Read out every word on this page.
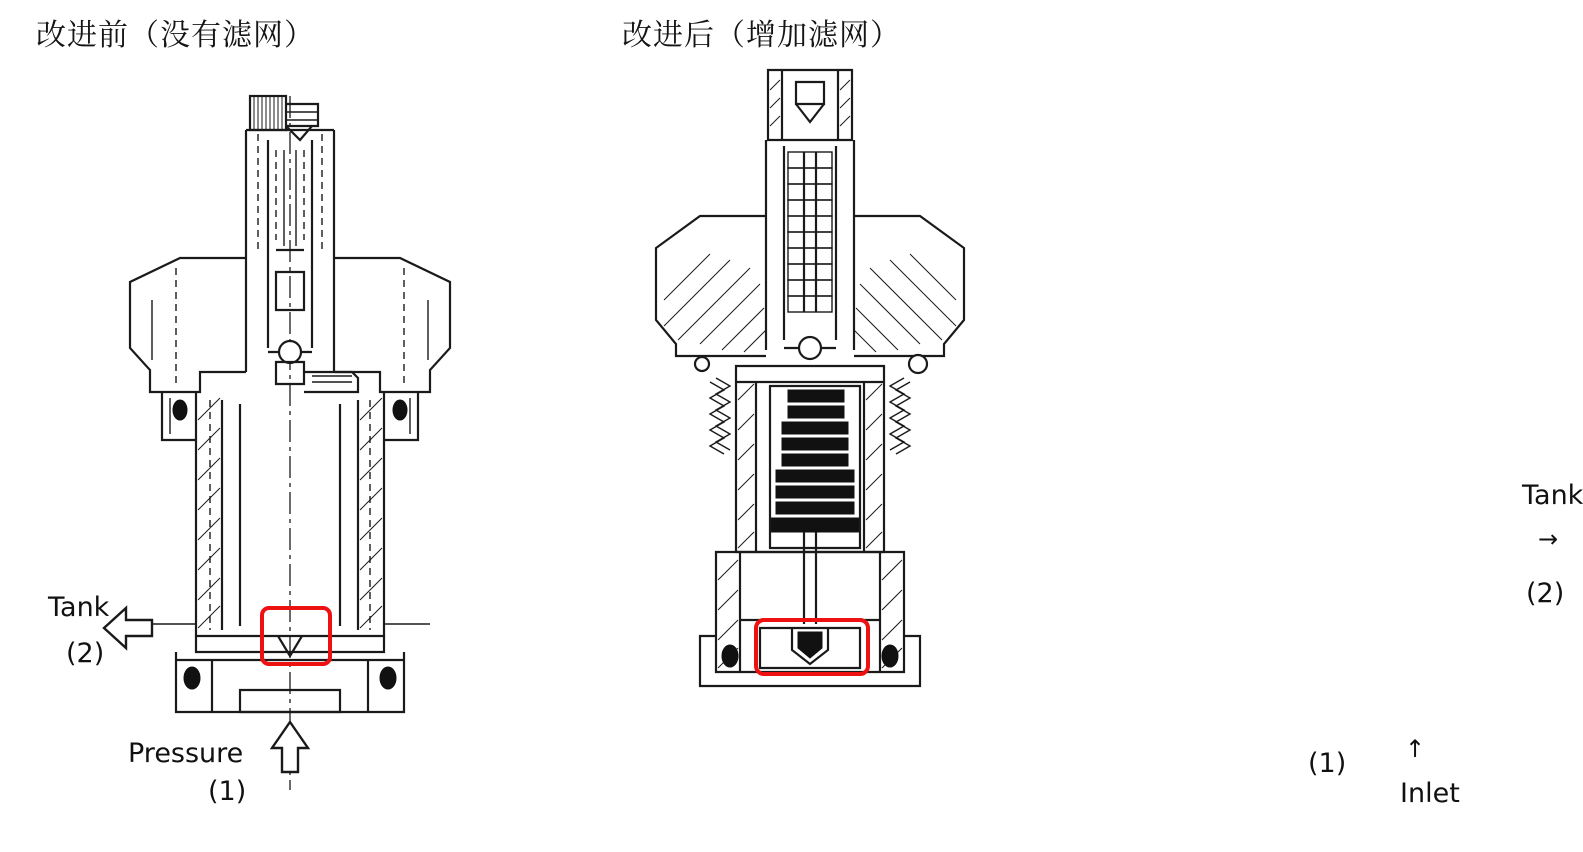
改进前（没有滤网）
Tank
(2)
Pressure
(1)
改进后（增加滤网）
Tank
→
(2)
(1) ↑
Inlet
